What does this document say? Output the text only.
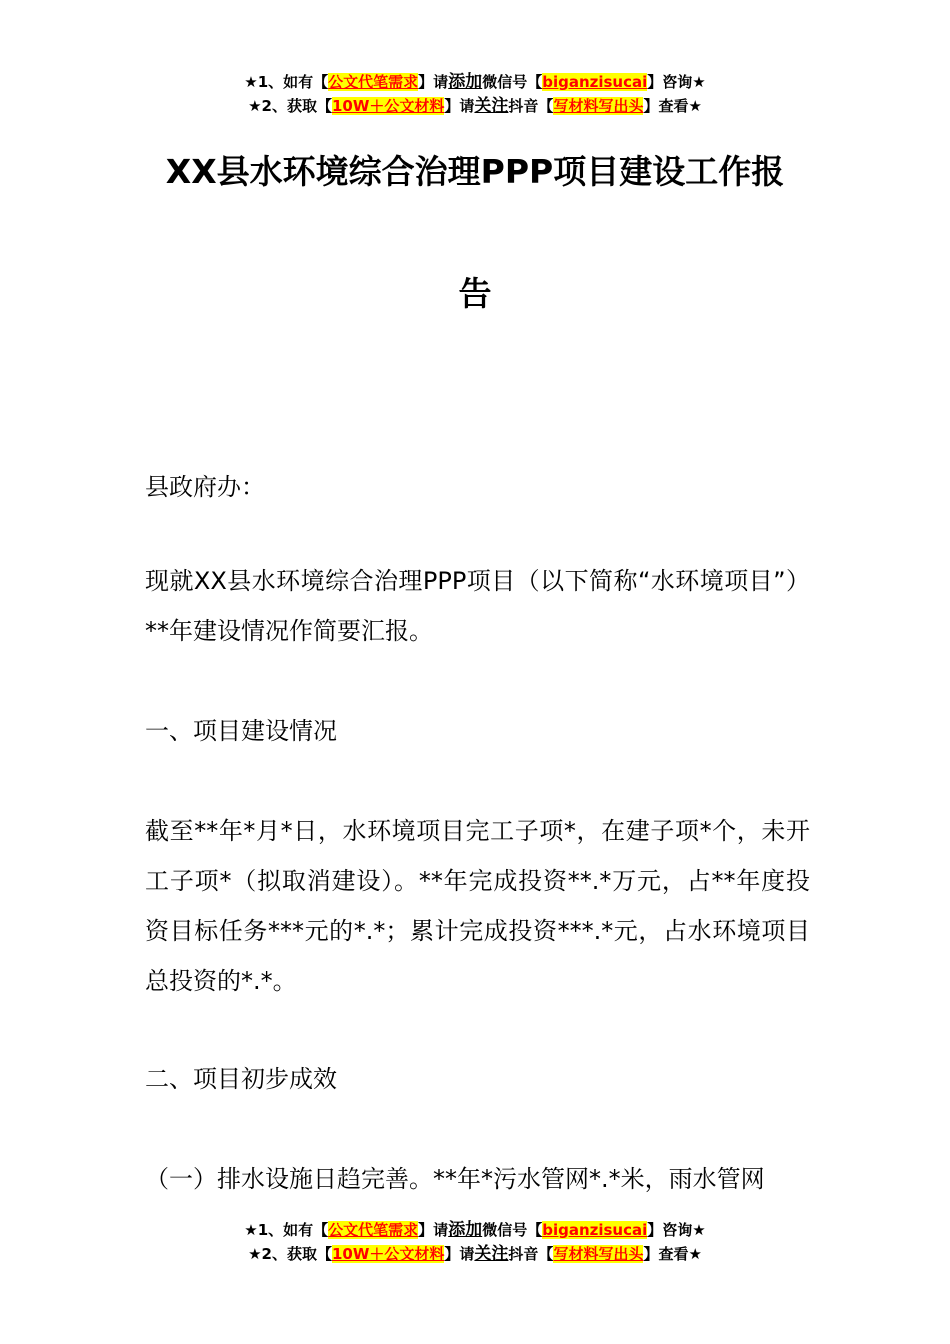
★1、如有【公文代笔需求】请添加微信号【biganzisucai】咨询★
★2、获取【10W＋公文材料】请关注抖音【写材料写出头】查看★
XX县水环境综合治理PPP项目建设工作报
告

县政府办：

现就XX县水环境综合治理PPP项目（以下简称“水环境项目”）**年建设情况作简要汇报。

一、项目建设情况

截至**年*月*日，水环境项目完工子项*，在建子项*个，未开工子项*（拟取消建设）。**年完成投资**.*万元，占**年度投资目标任务***元的*.*；累计完成投资***.*元，占水环境项目总投资的*.*。

二、项目初步成效

（一）排水设施日趋完善。**年*污水管网*.*米，雨水管网

★1、如有【公文代笔需求】请添加微信号【biganzisucai】咨询★
★2、获取【10W＋公文材料】请关注抖音【写材料写出头】查看★
